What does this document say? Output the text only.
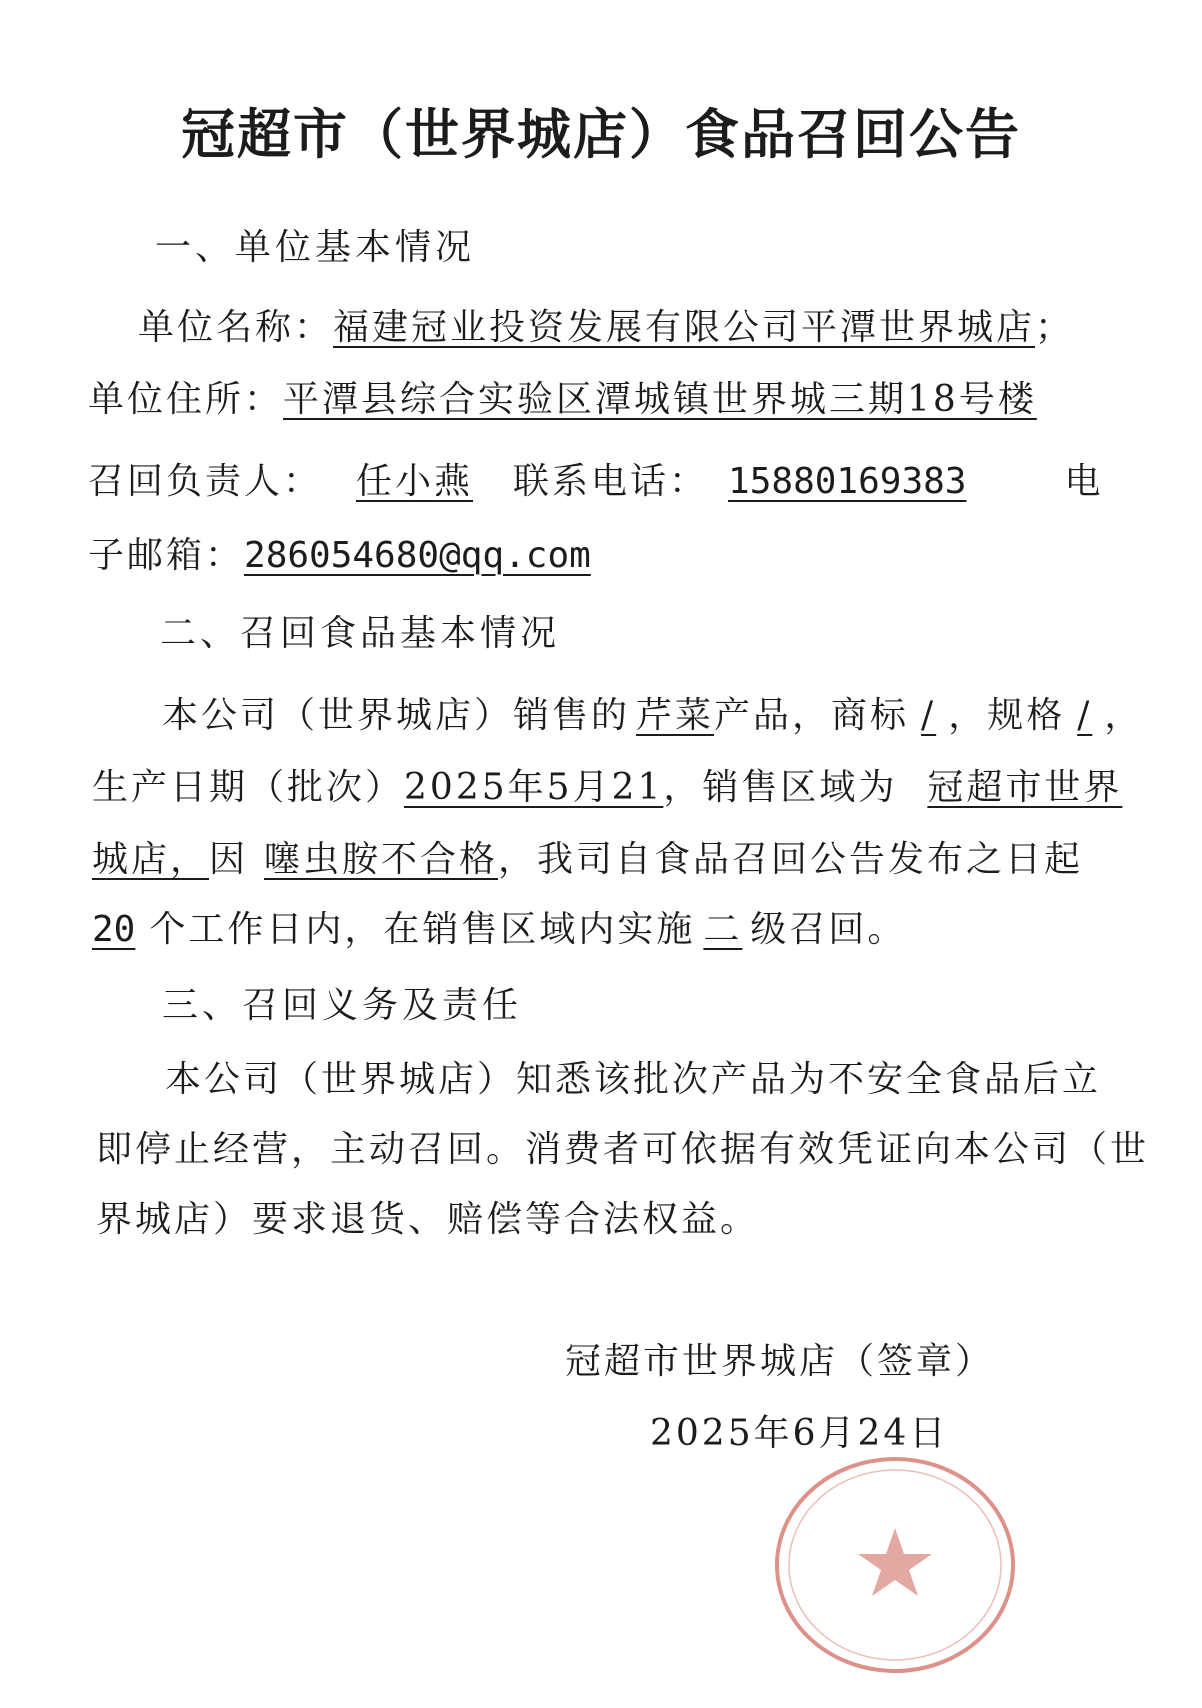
冠超市（世界城店）食品召回公告
一、单位基本情况
单位名称：福建冠业投资发展有限公司平潭世界城店；
单位住所：平潭县综合实验区潭城镇世界城三期18号楼
召回负责人： 任小燕 联系电话： 15880169383	电
子邮箱：286054680@qq.com
二、召回食品基本情况
本公司（世界城店）销售的 芹菜产品，商标 / ，规格 / ，
生产日期（批次）2025年5月21，销售区域为 冠超市世界
城店，因 噻虫胺不合格，我司自食品召回公告发布之日起
20 个工作日内，在销售区域内实施 二 级召回。
三、召回义务及责任
本公司（世界城店）知悉该批次产品为不安全食品后立
即停止经营，主动召回。消费者可依据有效凭证向本公司（世
界城店）要求退货、赔偿等合法权益。
冠超市世界城店（签章）
2025年6月24日
